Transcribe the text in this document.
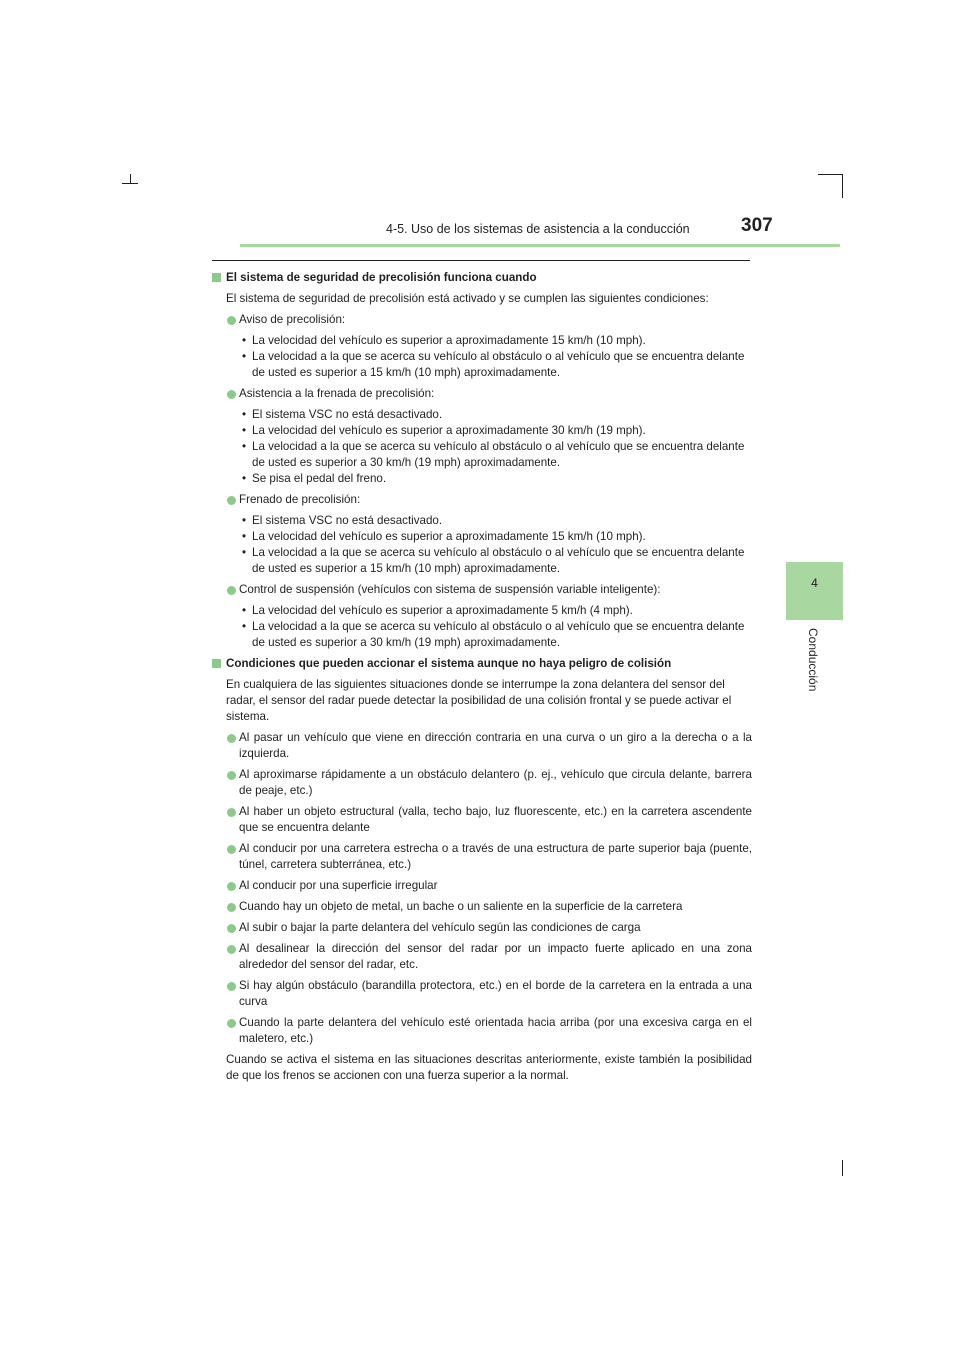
4-5. Uso de los sistemas de asistencia a la conducción	307
4
Conducción
El sistema de seguridad de precolisión funciona cuando

El sistema de seguridad de precolisión está activado y se cumplen las siguientes condiciones:

Aviso de precolisión:

• La velocidad del vehículo es superior a aproximadamente 15 km/h (10 mph).

• La velocidad a la que se acerca su vehículo al obstáculo o al vehículo que se encuentra delante de usted es superior a 15 km/h (10 mph) aproximadamente.

Asistencia a la frenada de precolisión:

• El sistema VSC no está desactivado.

• La velocidad del vehículo es superior a aproximadamente 30 km/h (19 mph).

• La velocidad a la que se acerca su vehículo al obstáculo o al vehículo que se encuentra delante de usted es superior a 30 km/h (19 mph) aproximadamente.

• Se pisa el pedal del freno.

Frenado de precolisión:

• El sistema VSC no está desactivado.

• La velocidad del vehículo es superior a aproximadamente 15 km/h (10 mph).

• La velocidad a la que se acerca su vehículo al obstáculo o al vehículo que se encuentra delante de usted es superior a 15 km/h (10 mph) aproximadamente.

Control de suspensión (vehículos con sistema de suspensión variable inteligente):

• La velocidad del vehículo es superior a aproximadamente 5 km/h (4 mph).

• La velocidad a la que se acerca su vehículo al obstáculo o al vehículo que se encuentra delante de usted es superior a 30 km/h (19 mph) aproximadamente.

Condiciones que pueden accionar el sistema aunque no haya peligro de colisión

En cualquiera de las siguientes situaciones donde se interrumpe la zona delantera del sensor del radar, el sensor del radar puede detectar la posibilidad de una colisión frontal y se puede activar el sistema.

Al pasar un vehículo que viene en dirección contraria en una curva o un giro a la derecha o a la izquierda.
Al aproximarse rápidamente a un obstáculo delantero (p. ej., vehículo que circula delante, barrera de peaje, etc.)
Al haber un objeto estructural (valla, techo bajo, luz fluorescente, etc.) en la carretera ascendente que se encuentra delante
Al conducir por una carretera estrecha o a través de una estructura de parte superior baja (puente, túnel, carretera subterránea, etc.)
Al conducir por una superficie irregular
Cuando hay un objeto de metal, un bache o un saliente en la superficie de la carretera
Al subir o bajar la parte delantera del vehículo según las condiciones de carga
Al desalinear la dirección del sensor del radar por un impacto fuerte aplicado en una zona alrededor del sensor del radar, etc.
Si hay algún obstáculo (barandilla protectora, etc.) en el borde de la carretera en la entrada a una curva
Cuando la parte delantera del vehículo esté orientada hacia arriba (por una excesiva carga en el maletero, etc.)

Cuando se activa el sistema en las situaciones descritas anteriormente, existe también la posibilidad de que los frenos se accionen con una fuerza superior a la normal.
